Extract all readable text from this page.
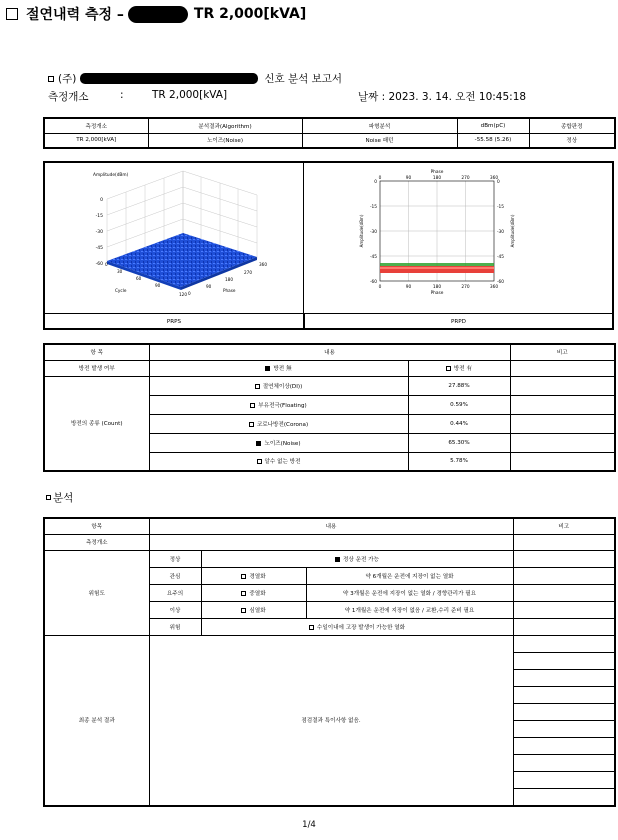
절연내력 측정 –	TR 2,000[kVA]
(주)	신호 분석 보고서
측정개소	:	TR 2,000[kVA]	날짜 : 2023. 3. 14. 오전 10:45:18
측정개소	분석결과(Algorithm)	파형분석	dBm(pC)	종합판정
TR 2,000[kVA]	노이즈(Noise)	Noise 패턴	-55.58 (5.26)	정상
Amplitude(dBm)
0
-15
-30
-45
-60
120
90
60
30
0
Cycle
0
90
180
270
360
Phase
Phase
0	90	180	270	360
0	90	180	270	360
Phase
0
-15
-30
-45
-60
0
-15
-30
-45
-60
Amplitude(dBm)	Amplitude(dBm)
PRPS	PRPD
항 목	내용		비고
방전 발생 여부	방전 無	방전 有	
방전의 종류 (Count)	절연체이상(DI))	27.88%	
	부유전극(Floating)	0.59%	
	코로나방전(Corona)	0.44%	
	노이즈(Noise)	65.30%	
	알수 없는 방전	5.78%	
분석
항목	내용			비고
측정개소				
위험도	정상	정상 운전 가능		
	관심	경열화	약 6개월은 운전에 지장이 없는 열화	
	요주의	중열화	약 3개월은 운전에 지장이 없는 열화 / 경향관리가 필요	
	이상	심열화	약 1개월은 운전에 지장이 없음 / 교환,수리 준비 필요	
	위험	수일이내에 고장 발생이 가능한 열화		
최종 분석 결과	점검결과 특이사항 없음.			
1/4
